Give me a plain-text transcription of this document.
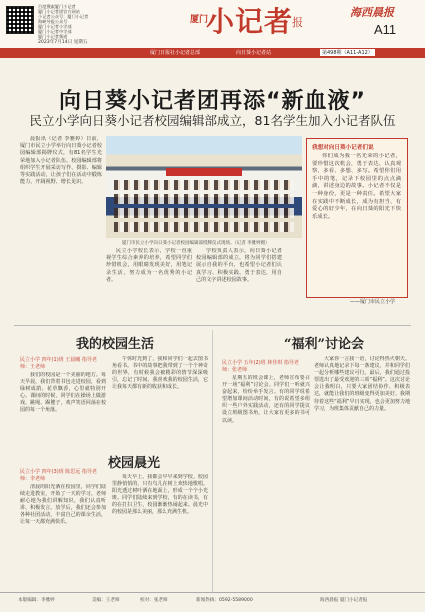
百度搜索厦门小记者
厦门小记者团官方网站
小记者公众号：厦门小记者
海峡导报公众号
厦门小记者小学部
厦门小记者中学部
厦门小记者频道
2023年7月14日 星期五
厦门
小记者
报
海西晨报
A11
厦门日报社小记者总部	向日葵小记者站	第498期（A11-A12）
向日葵小记者团再添“新血液”
民立小学向日葵小记者校园编辑部成立，81名学生加入小记者队伍

晨报讯（记者 李雅婷）日前，厦门市民立小学举行向日葵小记者校园编辑部揭牌仪式，有81名学生光荣地加入小记者队伍。校园编辑部将组织学生开展采访写作、摄影、编辑等实践活动，让孩子们在活动中锻炼能力、开阔视野、增长见识。

厦门市民立小学向日葵小记者校园编辑部授牌仪式现场。（记者 李雅婷摄）

民立小学校长表示，学校一直重视学生综合素养的培养，希望同学们珍惜机会，用眼睛发现美好，用笔记录生活，努力成为一名优秀的小记者。

学校负责人表示，向日葵小记者校园编辑部的成立，将为同学们搭建展示自我的平台，也希望小记者们认真学习、积极实践、勇于表达，用自己的文字讲述校园故事。

我想对向日葵小记者们说
你们成为我一名光荣的小记者，要珍惜这次机会，勇于表达，认真观察，多看、多想、多写。希望你们用手中的笔，记录下校园里的点点滴滴，讲述身边的故事。小记者不仅是一种身份，更是一种责任。希望大家在实践中不断成长，成为有担当、有爱心的好少年，在向日葵的阳光下快乐成长。
——厦门市民立小学
我的校园生活	“福利”讨论会
校园晨光
民立小学 四年(1)班 王晨曦 指导老师：王老师
民立小学 四年(3)班 陈思远 指导老师：李老师
民立小学 五年(2)班 林佳琪 指导老师：张老师

我们的校园是一个美丽的地方。每天早晨，我们背着书包走进校园，看到绿树成荫、花草飘香，心里就特别开心。课间的时候，同学们在操场上做游戏、跳绳、踢毽子，欢声笑语回荡在校园的每一个角落。

清晨的阳光洒在校园里，同学们陆续走进教室，开始了一天的学习。老师耐心地为我们讲解知识，我们认真听讲、积极发言。放学后，我们还会参加各种社团活动，丰富自己的课余生活，让每一天都充满快乐。

午休时光到了，我和同学们一起去图书角看书。书中的故事把我带到了一个个神奇的世界，有时候我会被精彩的情节深深吸引，忘记了时间。我喜欢我的校园生活，它让我每天都有新的收获和成长。

每天早上，我都会早早来到学校。校园里静悄悄的，只有鸟儿在树上欢快地歌唱。阳光透过树叶洒在地面上，形成一个个小光斑。同学们陆续来到学校，有的在读书，有的在打扫卫生，校园渐渐热闹起来。晨光中的校园是那么美丽，那么充满生机。

星期五的班会课上，老师宣布要召开一场“福利”讨论会。同学们一听就兴奋起来，纷纷举手发言。有的同学说希望增加课间活动时间，有的说希望多组织一些户外实践活动，还有的同学提议设立班级图书角，让大家有更多的书可以读。

大家你一言我一语，讨论得热火朝天。老师认真地记录下每一条建议，并和同学们一起分析哪些建议可行。最后，我们通过投票选出了最受欢迎的三项“福利”。这次讨论会让我明白，只要大家团结协作、积极表达，就能让我们的班级变得更加美好。我期待着这些“福利”早日实现，也会更加努力地学习，为班集体贡献自己的力量。

本版编辑：李雅婷	美编：王老师	校对：张老师	新闻热线：0592-5589000	海西晨报 厦门小记者报
